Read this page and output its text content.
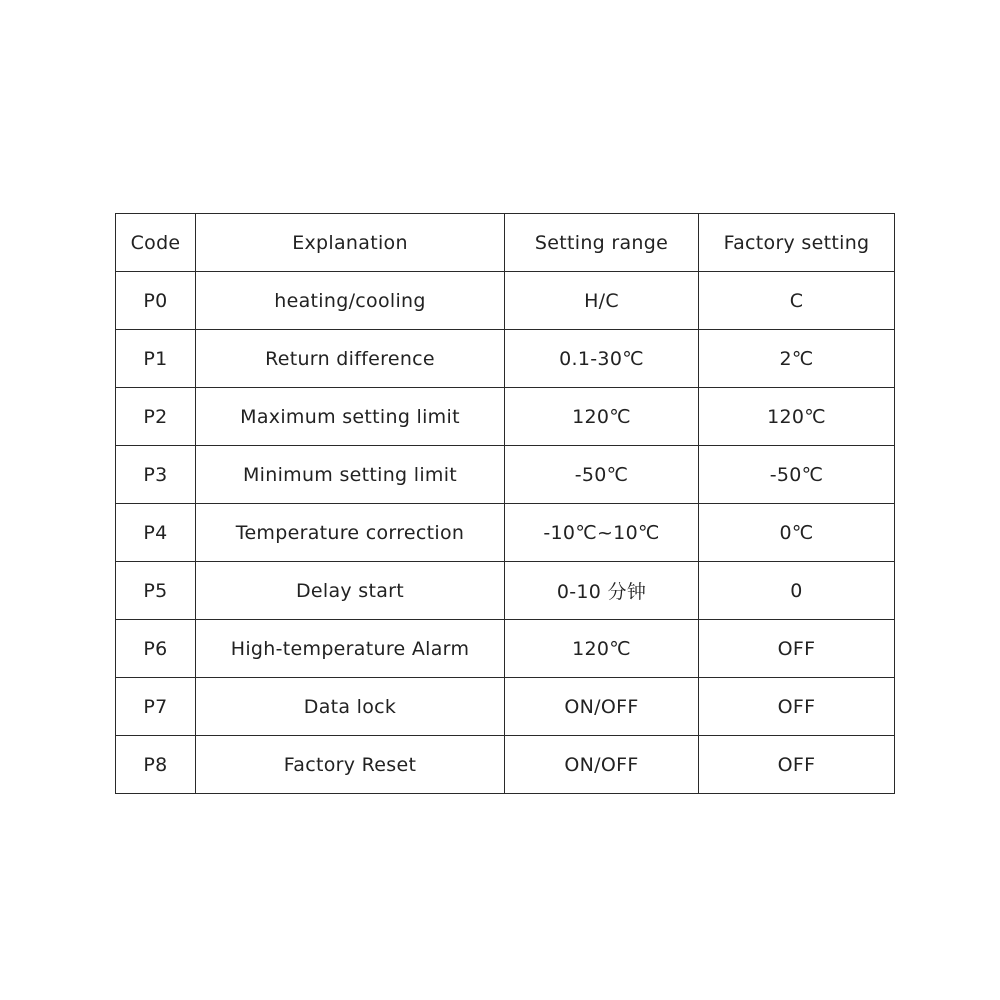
Code	Explanation	Setting range	Factory setting
P0	heating/cooling	H/C	C
P1	Return difference	0.1-30℃	2℃
P2	Maximum setting limit	120℃	120℃
P3	Minimum setting limit	-50℃	-50℃
P4	Temperature correction	-10℃~10℃	0℃
P5	Delay start	0-10 分钟	0
P6	High-temperature Alarm	120℃	OFF
P7	Data lock	ON/OFF	OFF
P8	Factory Reset	ON/OFF	OFF
